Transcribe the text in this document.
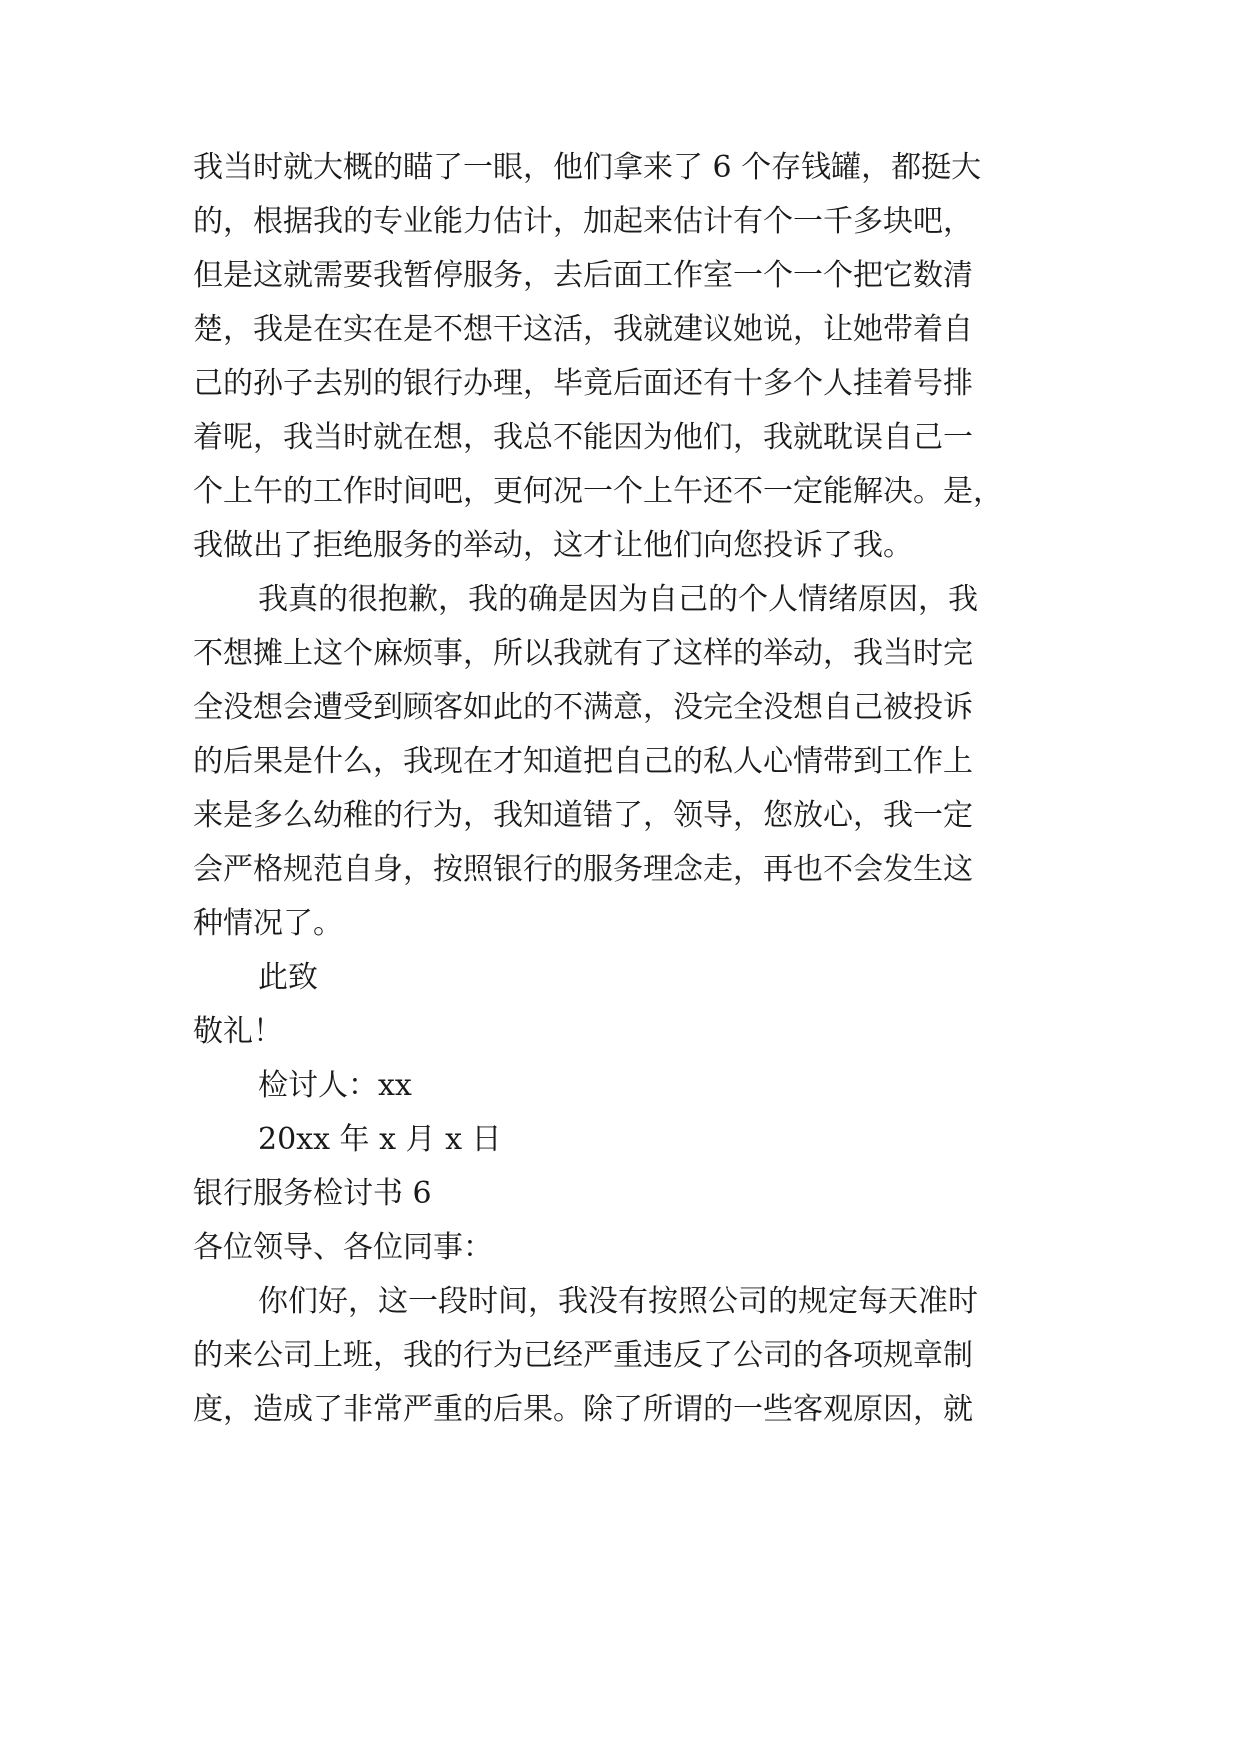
我当时就大概的瞄了一眼，他们拿来了 6 个存钱罐，都挺大
的，根据我的专业能力估计，加起来估计有个一千多块吧，
但是这就需要我暂停服务，去后面工作室一个一个把它数清
楚，我是在实在是不想干这活，我就建议她说，让她带着自
己的孙子去别的银行办理，毕竟后面还有十多个人挂着号排
着呢，我当时就在想，我总不能因为他们，我就耽误自己一
个上午的工作时间吧，更何况一个上午还不一定能解决。是，
我做出了拒绝服务的举动，这才让他们向您投诉了我。
我真的很抱歉，我的确是因为自己的个人情绪原因，我
不想摊上这个麻烦事，所以我就有了这样的举动，我当时完
全没想会遭受到顾客如此的不满意，没完全没想自己被投诉
的后果是什么，我现在才知道把自己的私人心情带到工作上
来是多么幼稚的行为，我知道错了，领导，您放心，我一定
会严格规范自身，按照银行的服务理念走，再也不会发生这
种情况了。
此致
敬礼！
检讨人：xx
20xx 年 x 月 x 日
银行服务检讨书 6
各位领导、各位同事：
你们好，这一段时间，我没有按照公司的规定每天准时
的来公司上班，我的行为已经严重违反了公司的各项规章制
度，造成了非常严重的后果。除了所谓的一些客观原因，就
